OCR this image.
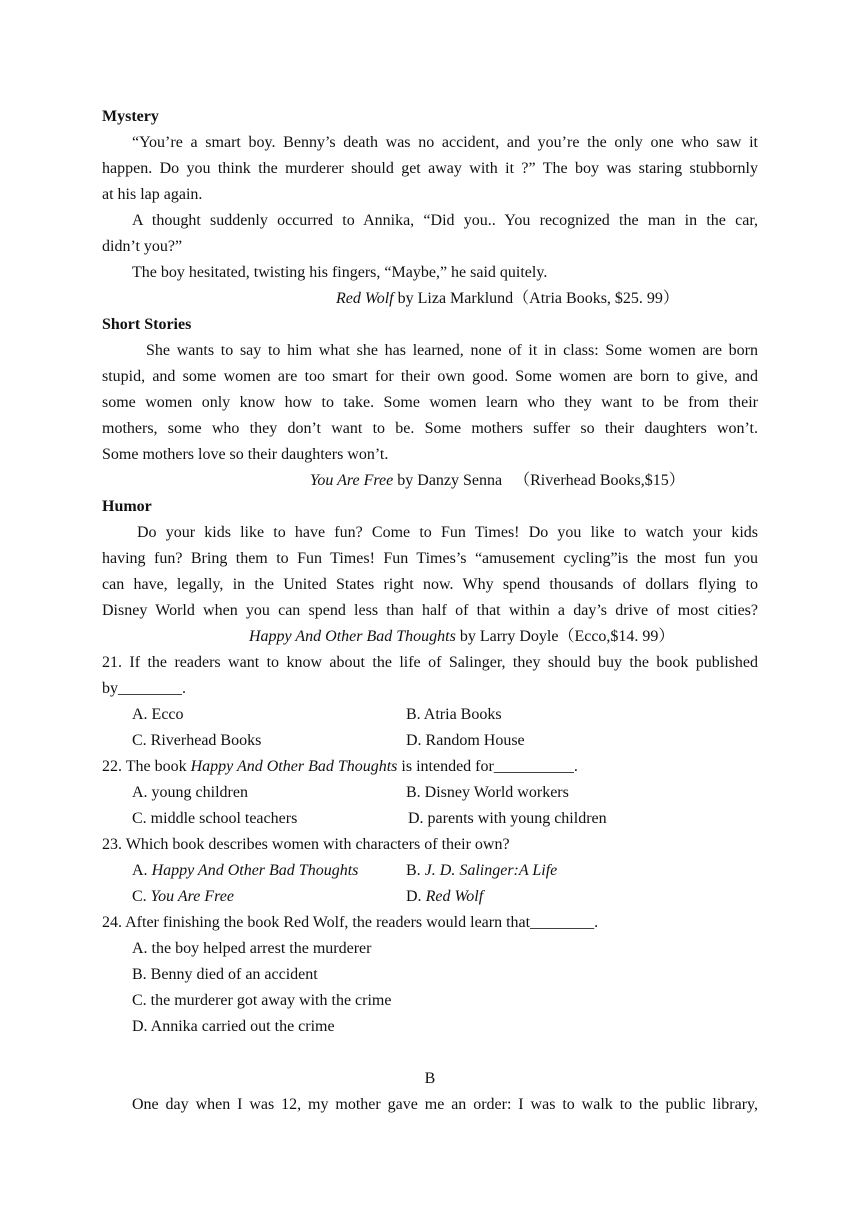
Mystery
“You’re a smart boy. Benny’s death was no accident, and you’re the only one who saw it
happen. Do you think the murderer should get away with it ?” The boy was staring stubbornly
at his lap again.
A thought suddenly occurred to Annika, “Did you.. You recognized the man in the car,
didn’t you?”
The boy hesitated, twisting his fingers, “Maybe,” he said quitely.
Red Wolf by Liza Marklund（Atria Books, $25. 99）
Short Stories
She wants to say to him what she has learned, none of it in class: Some women are born
stupid, and some women are too smart for their own good. Some women are born to give, and
some women only know how to take. Some women learn who they want to be from their
mothers, some who they don’t want to be. Some mothers suffer so their daughters won’t.
Some mothers love so their daughters won’t.
You Are Free by Danzy Senna 　（Riverhead Books,$15）
Humor
Do your kids like to have fun? Come to Fun Times! Do you like to watch your kids
having fun? Bring them to Fun Times! Fun Times’s “amusement cycling”is the most fun you
can have, legally, in the United States right now. Why spend thousands of dollars flying to
Disney World when you can spend less than half of that within a day’s drive of most cities?
Happy And Other Bad Thoughts by Larry Doyle（Ecco,$14. 99）
21. If the readers want to know about the life of Salinger, they should buy the book published
by________.
A. Ecco	B. Atria Books
C. Riverhead Books	D. Random House
22. The book Happy And Other Bad Thoughts is intended for__________.
A. young children	B. Disney World workers
C. middle school teachers	D. parents with young children
23. Which book describes women with characters of their own?
A. Happy And Other Bad Thoughts	B. J. D. Salinger:A Life
C. You Are Free	D. Red Wolf
24. After finishing the book Red Wolf, the readers would learn that________.
A. the boy helped arrest the murderer
B. Benny died of an accident
C. the murderer got away with the crime
D. Annika carried out the crime
B
One day when I was 12, my mother gave me an order: I was to walk to the public library,
